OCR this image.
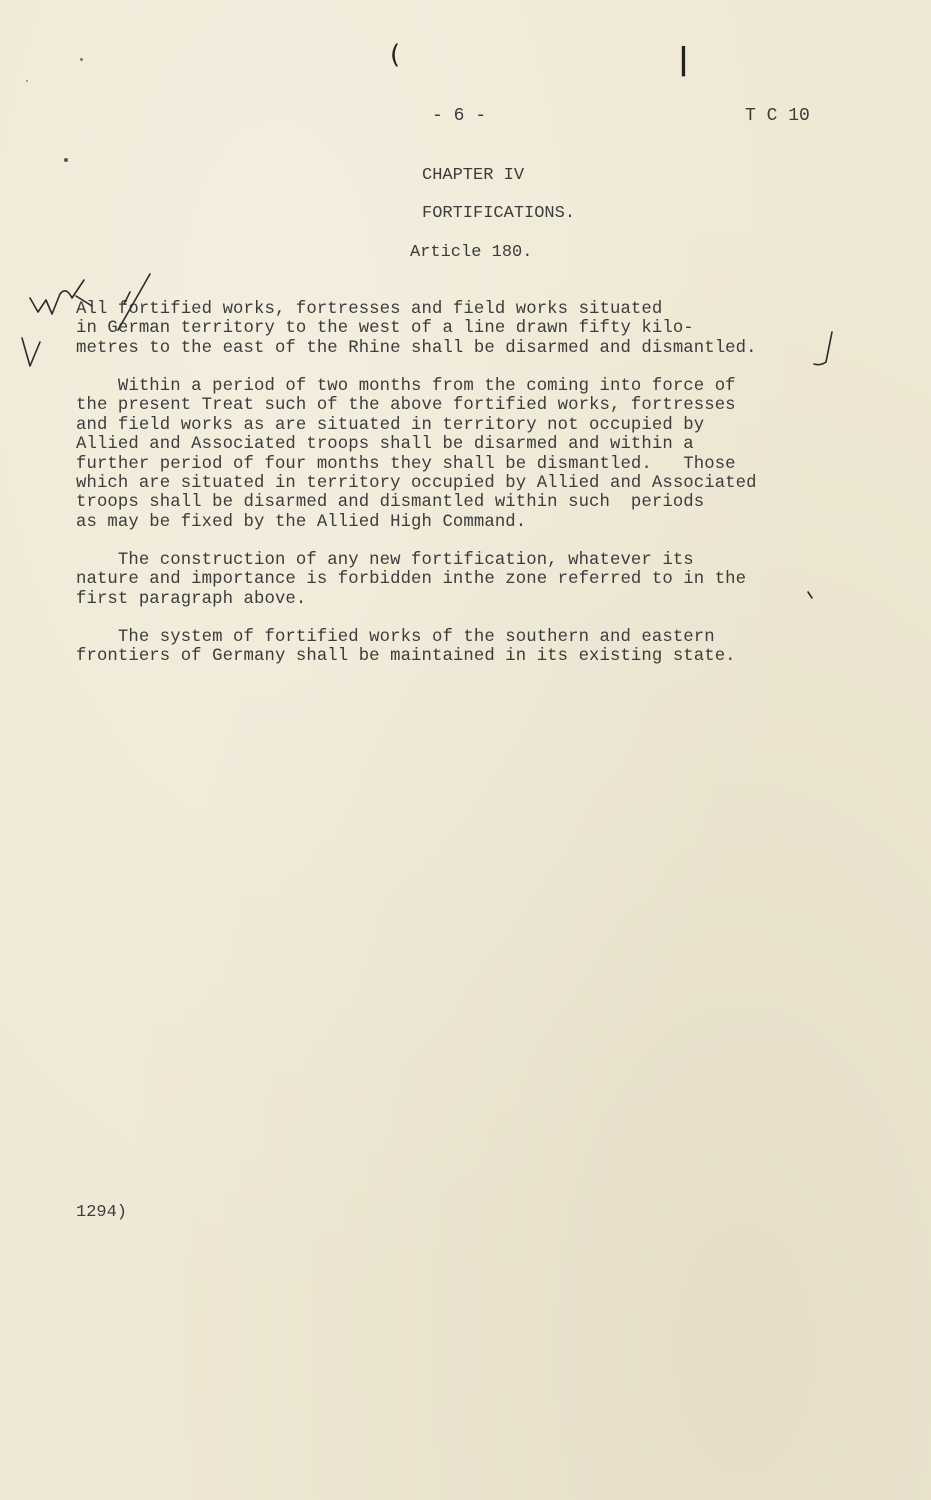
(	|
- 6 -	T C 10
CHAPTER IV
FORTIFICATIONS.
Article 180.
All fortified works, fortresses and field works situated
in German territory to the west of a line drawn fifty kilo-
metres to the east of the Rhine shall be disarmed and dismantled.
Within a period of two months from the coming into force of
the present Treat such of the above fortified works, fortresses
and field works as are situated in territory not occupied by
Allied and Associated troops shall be disarmed and within a
further period of four months they shall be dismantled.   Those
which are situated in territory occupied by Allied and Associated
troops shall be disarmed and dismantled within such  periods
as may be fixed by the Allied High Command.
The construction of any new fortification, whatever its
nature and importance is forbidden inthe zone referred to in the
first paragraph above.
The system of fortified works of the southern and eastern
frontiers of Germany shall be maintained in its existing state.
1294)
